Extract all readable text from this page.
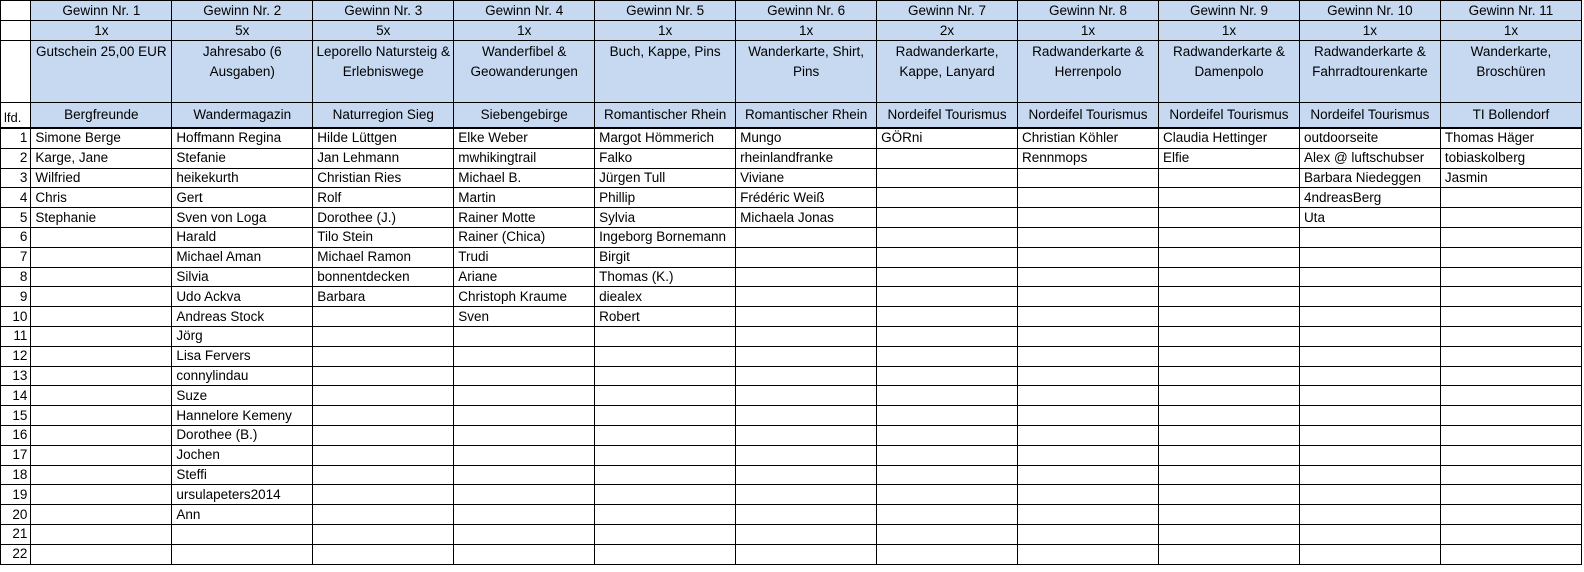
	Gewinn Nr. 1	Gewinn Nr. 2	Gewinn Nr. 3	Gewinn Nr. 4	Gewinn Nr. 5	Gewinn Nr. 6	Gewinn Nr. 7	Gewinn Nr. 8	Gewinn Nr. 9	Gewinn Nr. 10	Gewinn Nr. 11
	1x	5x	5x	1x	1x	1x	2x	1x	1x	1x	1x
	Gutschein 25,00 EUR	Jahresabo (6 Ausgaben)	Leporello Natursteig & Erlebniswege	Wanderfibel & Geowanderungen	Buch, Kappe, Pins	Wanderkarte, Shirt, Pins	Radwanderkarte, Kappe, Lanyard	Radwanderkarte & Herrenpolo	Radwanderkarte & Damenpolo	Radwanderkarte & Fahrradtourenkarte	Wanderkarte, Broschüren
lfd.	Bergfreunde	Wandermagazin	Naturregion Sieg	Siebengebirge	Romantischer Rhein	Romantischer Rhein	Nordeifel Tourismus	Nordeifel Tourismus	Nordeifel Tourismus	Nordeifel Tourismus	TI Bollendorf
1	Simone Berge	Hoffmann Regina	Hilde Lüttgen	Elke Weber	Margot Hömmerich	Mungo	GÖRni	Christian Köhler	Claudia Hettinger	outdoorseite	Thomas Häger
2	Karge, Jane	Stefanie	Jan Lehmann	mwhikingtrail	Falko	rheinlandfranke		Rennmops	Elfie	Alex @ luftschubser	tobiaskolberg
3	Wilfried	heikekurth	Christian Ries	Michael B.	Jürgen Tull	Viviane				Barbara Niedeggen	Jasmin
4	Chris	Gert	Rolf	Martin	Phillip	Frédéric Weiß				4ndreasBerg	
5	Stephanie	Sven von Loga	Dorothee (J.)	Rainer Motte	Sylvia	Michaela Jonas				Uta	
6		Harald	Tilo Stein	Rainer (Chica)	Ingeborg Bornemann						
7		Michael Aman	Michael Ramon	Trudi	Birgit						
8		Silvia	bonnentdecken	Ariane	Thomas (K.)						
9		Udo Ackva	Barbara	Christoph Kraume	diealex						
10		Andreas Stock		Sven	Robert						
11		Jörg									
12		Lisa Fervers									
13		connylindau									
14		Suze									
15		Hannelore Kemeny									
16		Dorothee (B.)									
17		Jochen									
18		Steffi									
19		ursulapeters2014									
20		Ann									
21											
22											
